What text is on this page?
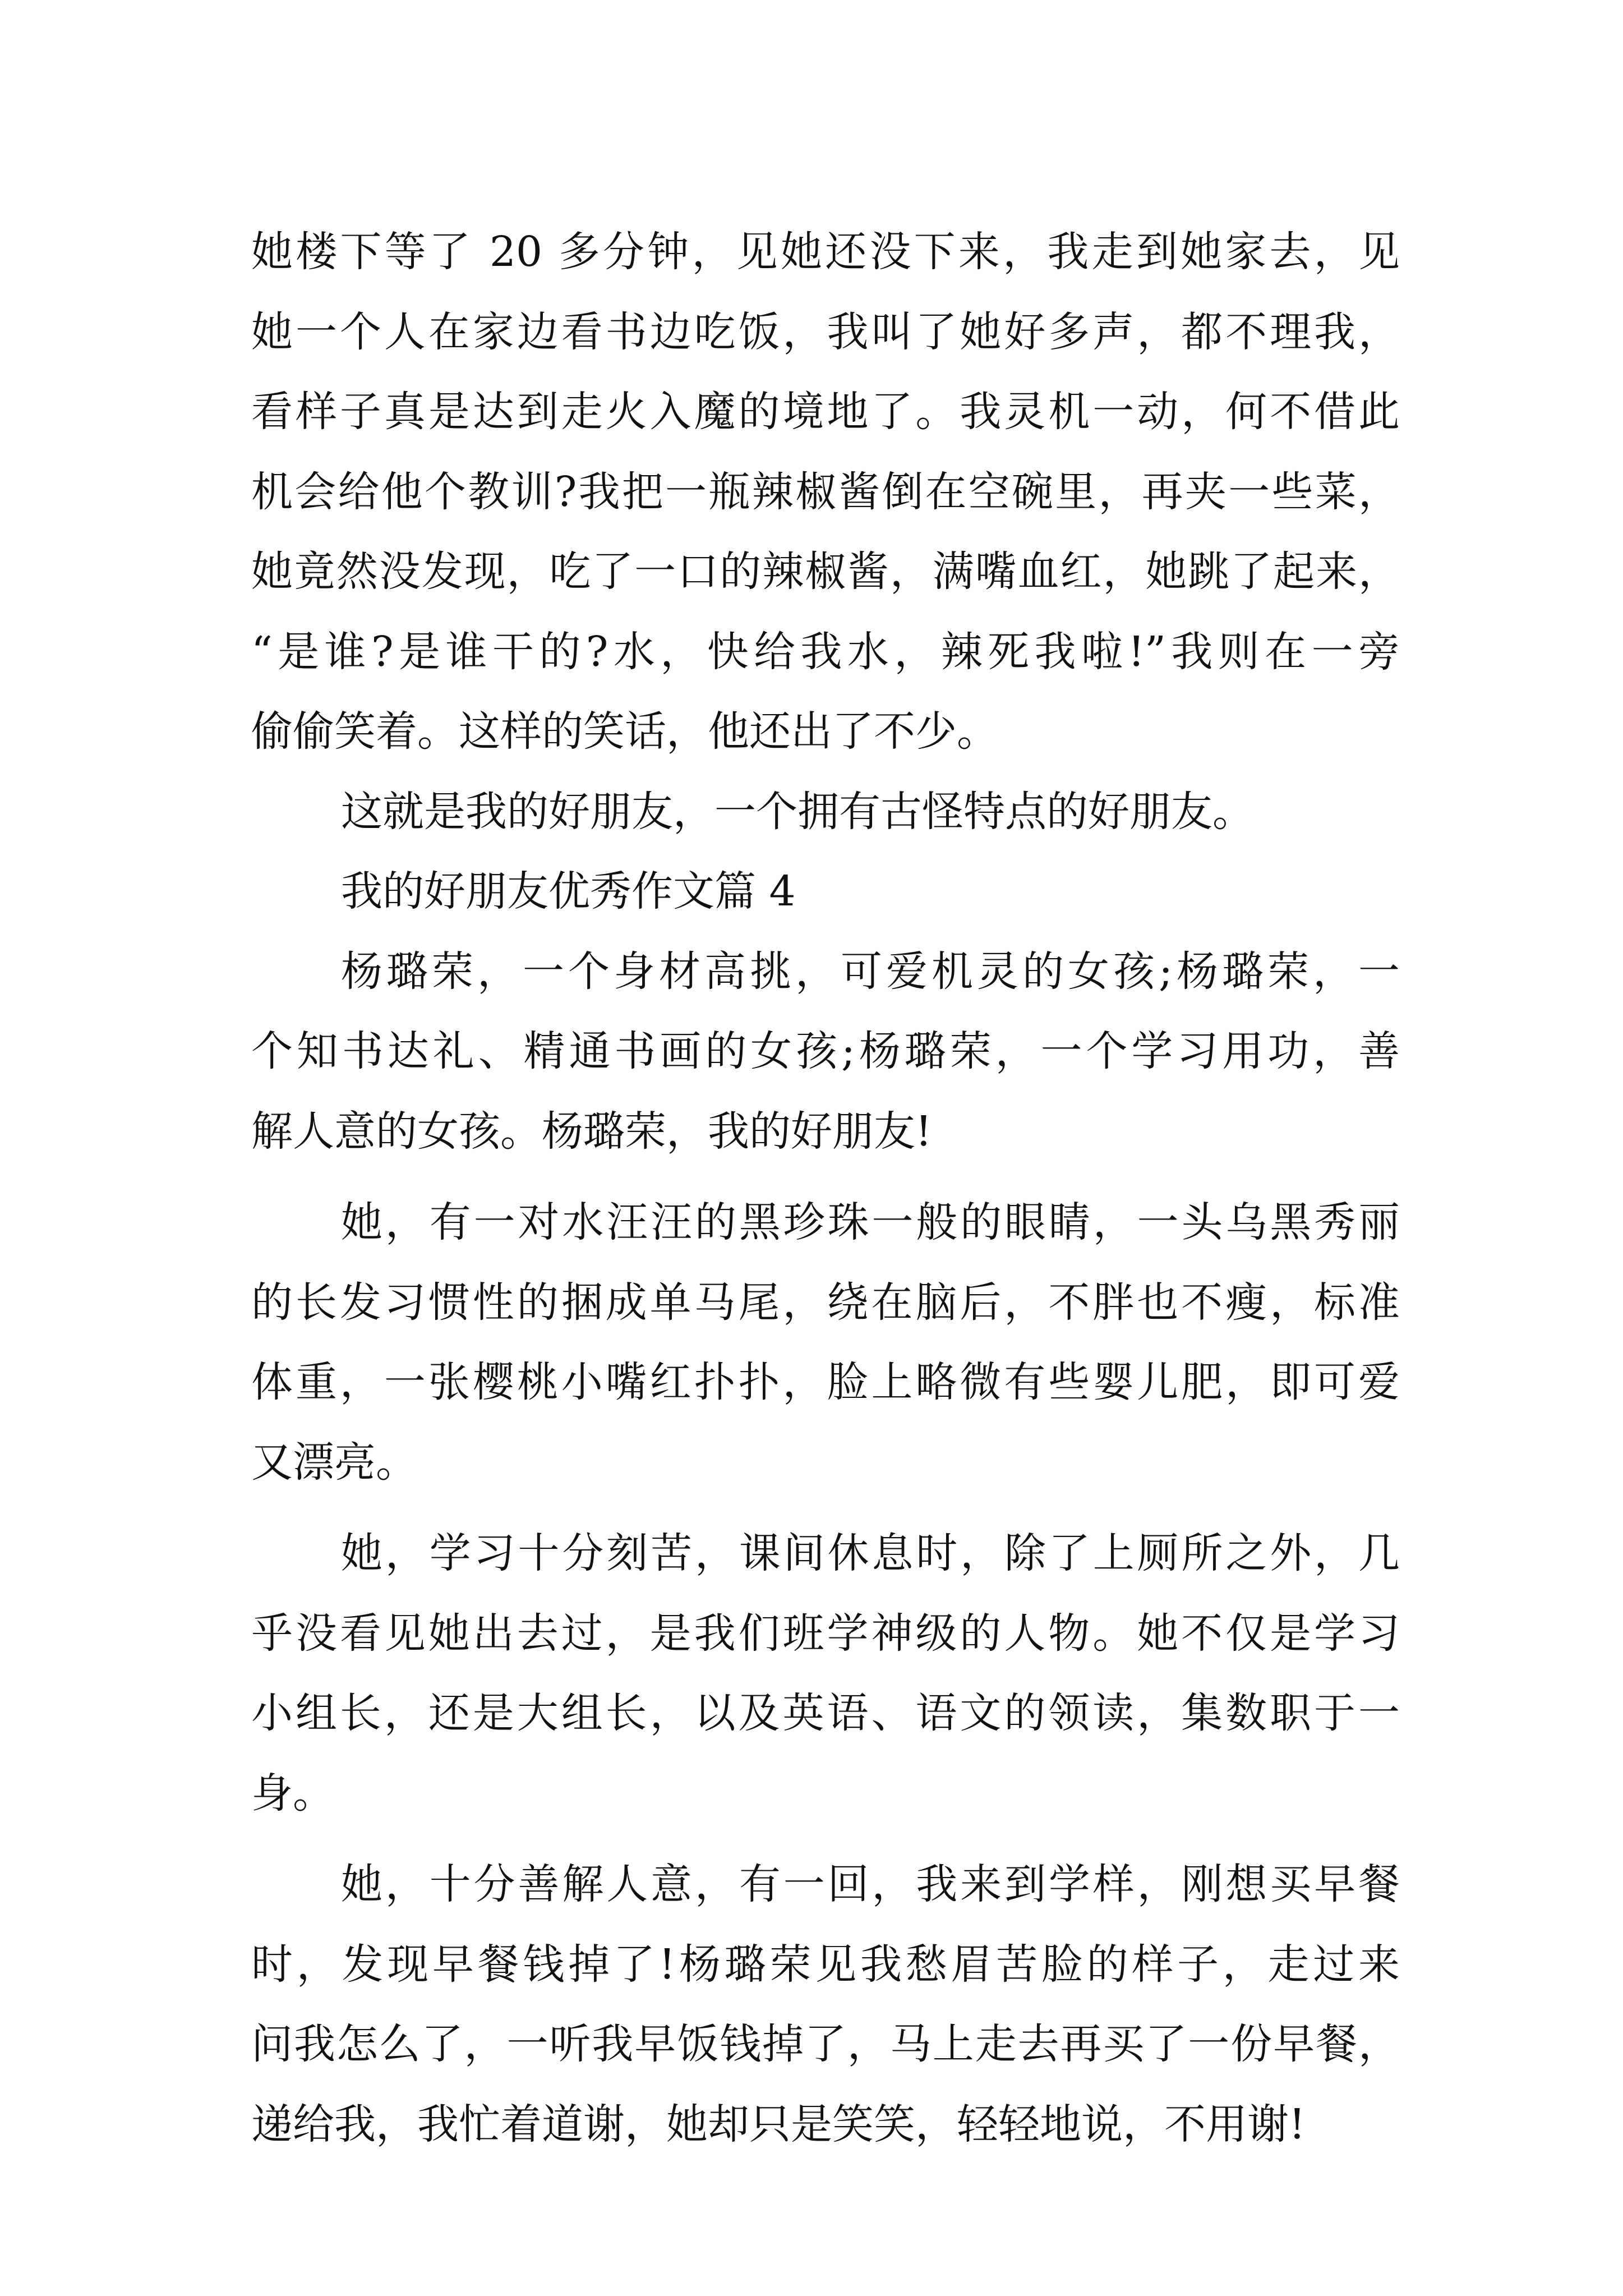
她楼下等了 20 多分钟，见她还没下来，我走到她家去，见
她一个人在家边看书边吃饭，我叫了她好多声，都不理我，
看样子真是达到走火入魔的境地了。我灵机一动，何不借此
机会给他个教训?我把一瓶辣椒酱倒在空碗里，再夹一些菜，
她竟然没发现，吃了一口的辣椒酱，满嘴血红，她跳了起来，
“是谁?是谁干的?水，快给我水，辣死我啦!”我则在一旁
偷偷笑着。这样的笑话，他还出了不少。
这就是我的好朋友，一个拥有古怪特点的好朋友。
我的好朋友优秀作文篇 4
杨璐荣，一个身材高挑，可爱机灵的女孩;杨璐荣，一
个知书达礼、精通书画的女孩;杨璐荣，一个学习用功，善
解人意的女孩。杨璐荣，我的好朋友!
她，有一对水汪汪的黑珍珠一般的眼睛，一头乌黑秀丽
的长发习惯性的捆成单马尾，绕在脑后，不胖也不瘦，标准
体重，一张樱桃小嘴红扑扑，脸上略微有些婴儿肥，即可爱
又漂亮。
她，学习十分刻苦，课间休息时，除了上厕所之外，几
乎没看见她出去过，是我们班学神级的人物。她不仅是学习
小组长，还是大组长，以及英语、语文的领读，集数职于一
身。
她，十分善解人意，有一回，我来到学样，刚想买早餐
时，发现早餐钱掉了!杨璐荣见我愁眉苦脸的样子，走过来
问我怎么了，一听我早饭钱掉了，马上走去再买了一份早餐，
递给我，我忙着道谢，她却只是笑笑，轻轻地说，不用谢!
